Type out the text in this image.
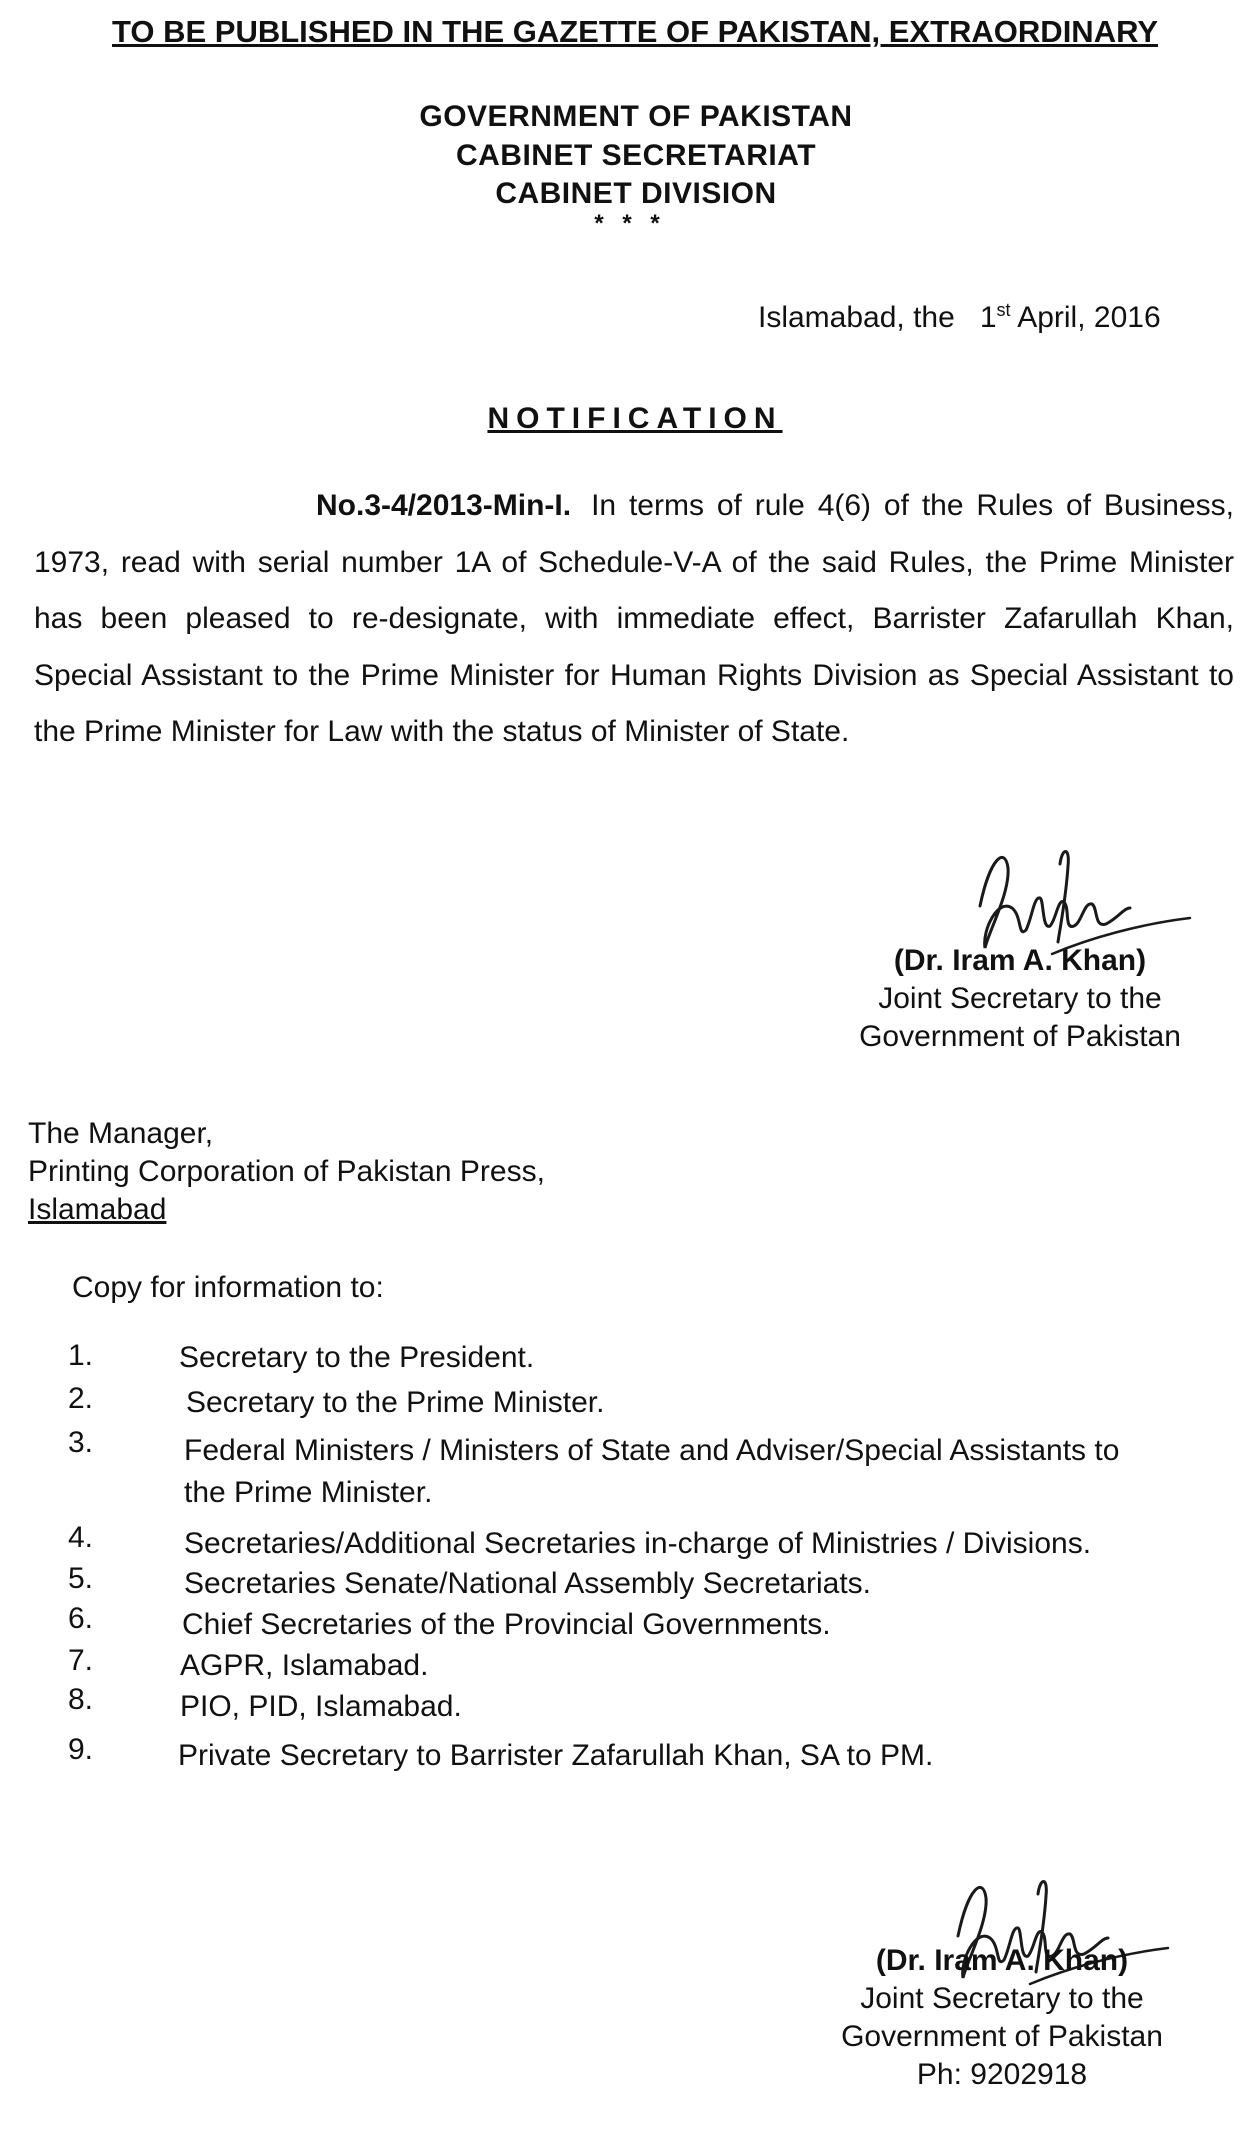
TO BE PUBLISHED IN THE GAZETTE OF PAKISTAN, EXTRAORDINARY
GOVERNMENT OF PAKISTAN
CABINET SECRETARIAT
CABINET DIVISION
* * *
Islamabad, the 1st April, 2016
NOTIFICATION
No.3-4/2013-Min-I. In terms of rule 4(6) of the Rules of Business, 1973, read with serial number 1A of Schedule-V-A of the said Rules, the Prime Minister has been pleased to re-designate, with immediate effect, Barrister Zafarullah Khan, Special Assistant to the Prime Minister for Human Rights Division as Special Assistant to the Prime Minister for Law with the status of Minister of State.
(Dr. Iram A. Khan)
Joint Secretary to the
Government of Pakistan
The Manager,
Printing Corporation of Pakistan Press,
Islamabad
Copy for information to:
1.	Secretary to the President.
2.	Secretary to the Prime Minister.
3.	Federal Ministers / Ministers of State and Adviser/Special Assistants to
the Prime Minister.
4.	Secretaries/Additional Secretaries in-charge of Ministries / Divisions.
5.	Secretaries Senate/National Assembly Secretariats.
6.	Chief Secretaries of the Provincial Governments.
7.	AGPR, Islamabad.
8.	PIO, PID, Islamabad.
9.	Private Secretary to Barrister Zafarullah Khan, SA to PM.
(Dr. Iram A. Khan)
Joint Secretary to the
Government of Pakistan
Ph: 9202918
